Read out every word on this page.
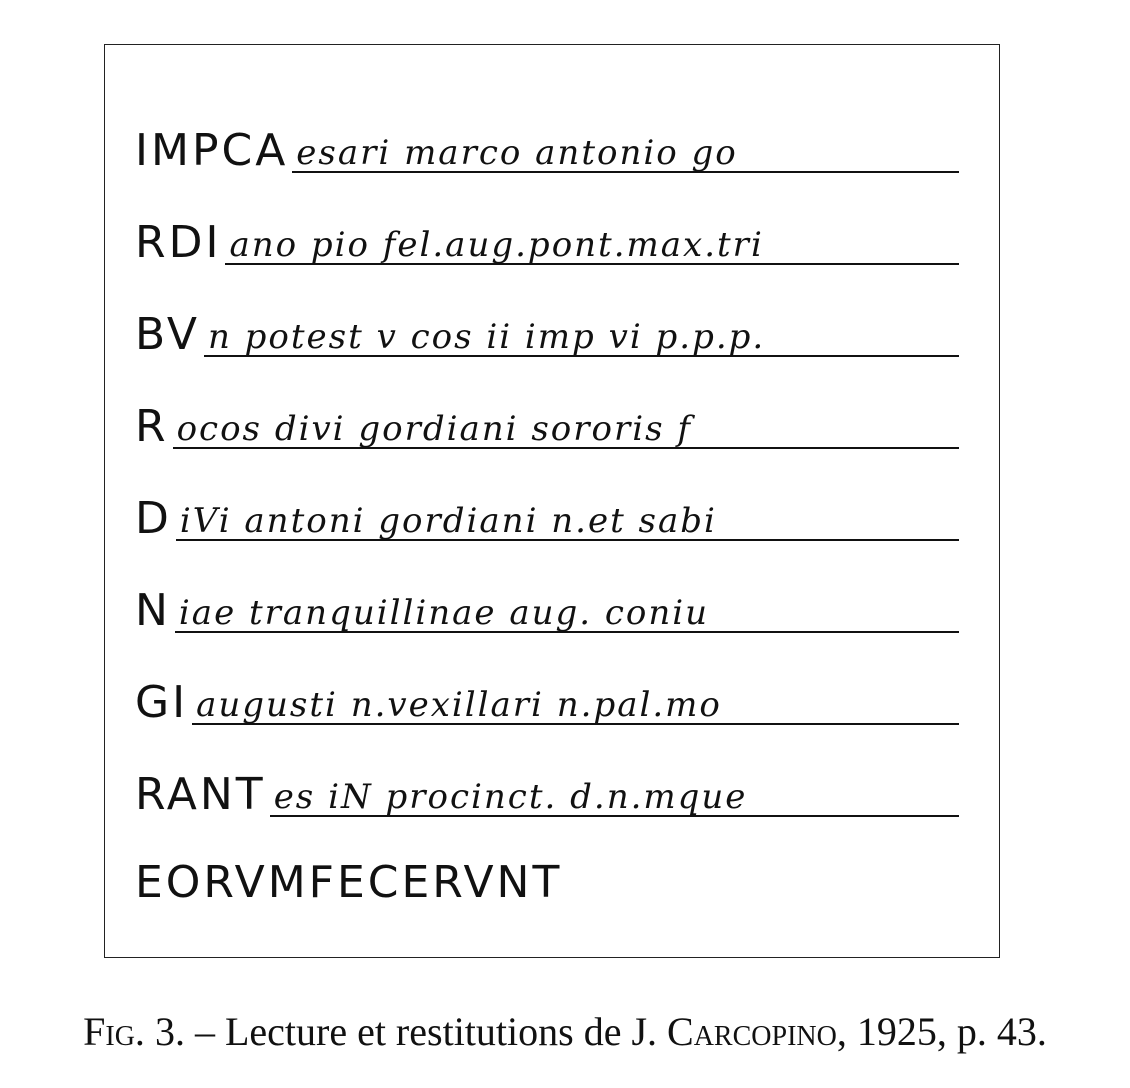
IMPCA esari marco antonio go
RDI ano pio fel.aug.pont.max.tri
BV n potest v cos ii imp vi p.p.p.
R ocos divi gordiani sororis f
D iVi antoni gordiani n.et sabi
N iae tranquillinae aug. coniu
GI augusti n.vexillari n.pal.mo
RANT es iN procinct. d.n.mque
EORVMFECERVNT
Fig. 3. – Lecture et restitutions de J. Carcopino, 1925, p. 43.
